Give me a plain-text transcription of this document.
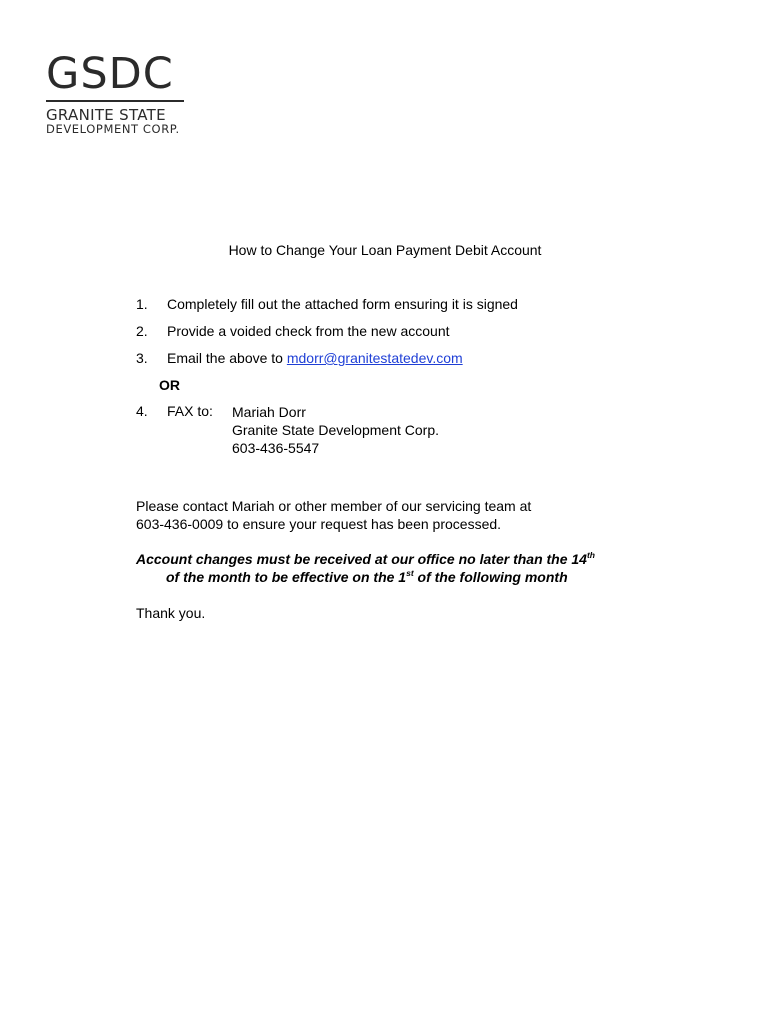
GSDC
GRANITE STATE
DEVELOPMENT CORP.
How to Change Your Loan Payment Debit Account
1. Completely fill out the attached form ensuring it is signed
2. Provide a voided check from the new account
3. Email the above to mdorr@granitestatedev.com
OR
4. FAX to: Mariah Dorr
Granite State Development Corp.
603-436-5547
Please contact Mariah or other member of our servicing team at
603-436-0009 to ensure your request has been processed.
Account changes must be received at our office no later than the 14th
of the month to be effective on the 1st of the following month
Thank you.
